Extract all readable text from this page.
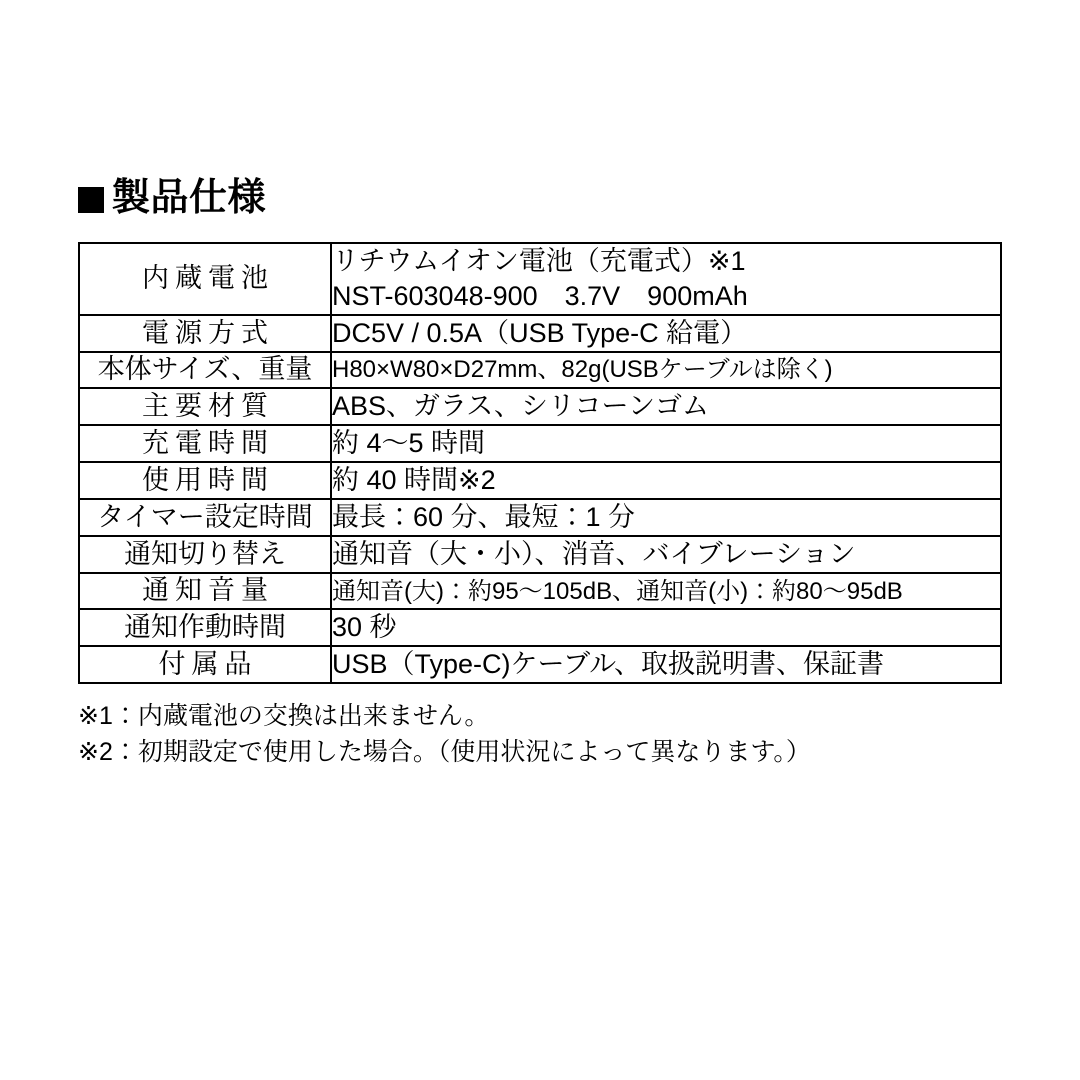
製品仕様
内蔵電池	リチウムイオン電池（充電式）※1
NST-603048-900　3.7V　900mAh

電源方式	DC5V / 0.5A（USB Type-C 給電）

本体サイズ、重量	H80×W80×D27mm、82g(USBケーブルは除く)

主要材質	ABS、ガラス、シリコーンゴム

充電時間	約 4〜5 時間

使用時間	約 40 時間※2

タイマー設定時間	最長：60 分、最短：1 分

通知切り替え	通知音（大・小）、消音、バイブレーション

通知音量	通知音(大)：約95〜105dB、通知音(小)：約80〜95dB

通知作動時間	30 秒

付属品	USB（Type-C)ケーブル、取扱説明書、保証書
※1：内蔵電池の交換は出来ません。
※2：初期設定で使用した場合。（使用状況によって異なります。）
